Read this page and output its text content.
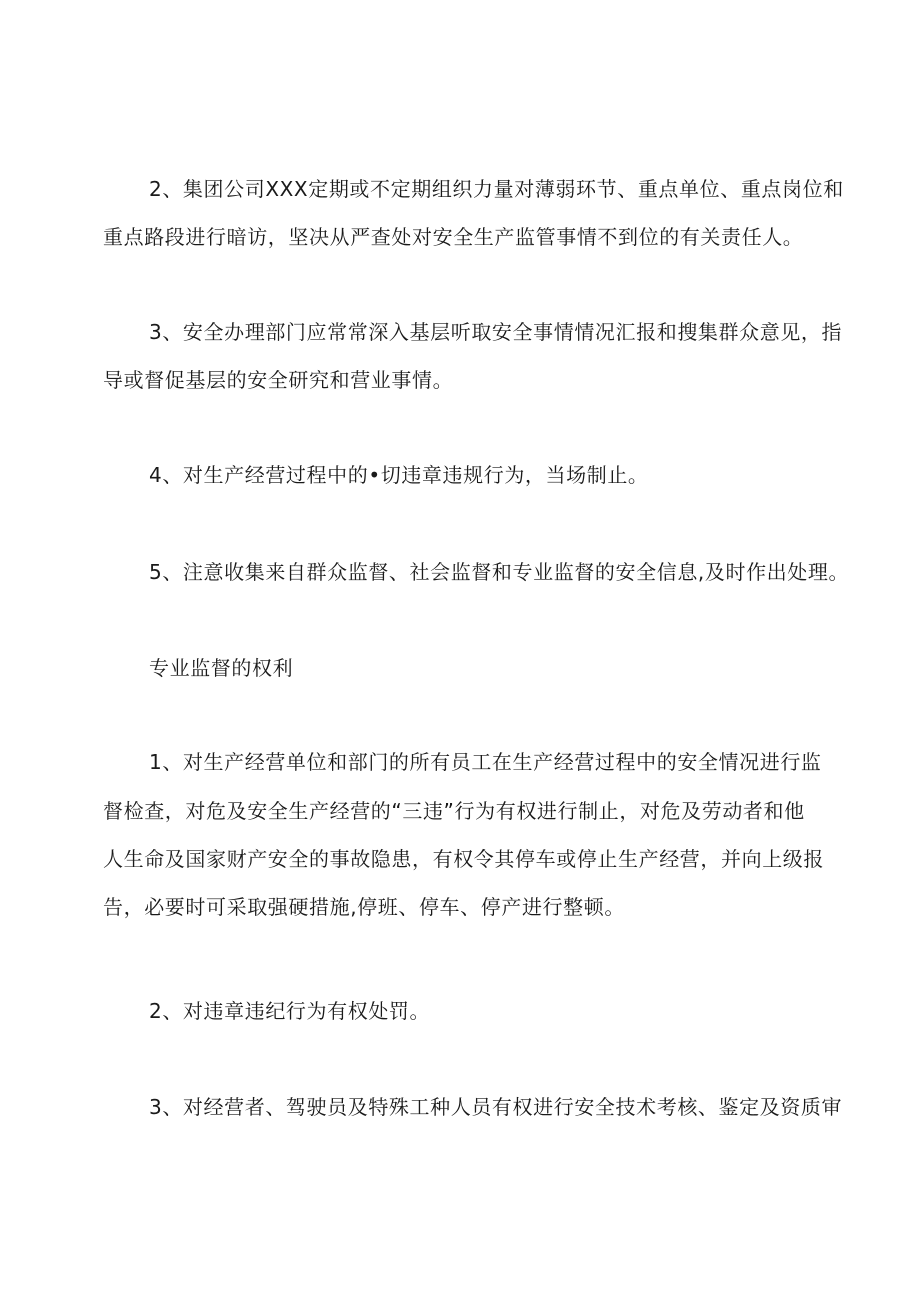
2、集团公司XXX定期或不定期组织力量对薄弱环节、重点单位、重点岗位和
重点路段进行暗访，坚决从严查处对安全生产监管事情不到位的有关责任人。
3、安全办理部门应常常深入基层听取安全事情情况汇报和搜集群众意见，指
导或督促基层的安全研究和营业事情。
4、对生产经营过程中的•切违章违规行为，当场制止。
5、注意收集来自群众监督、社会监督和专业监督的安全信息,及时作出处理。
专业监督的权利
1、对生产经营单位和部门的所有员工在生产经营过程中的安全情况进行监
督检查，对危及安全生产经营的“三违”行为有权进行制止，对危及劳动者和他
人生命及国家财产安全的事故隐患，有权令其停车或停止生产经营，并向上级报
告，必要时可采取强硬措施,停班、停车、停产进行整顿。
2、对违章违纪行为有权处罚。
3、对经营者、驾驶员及特殊工种人员有权进行安全技术考核、鉴定及资质审
